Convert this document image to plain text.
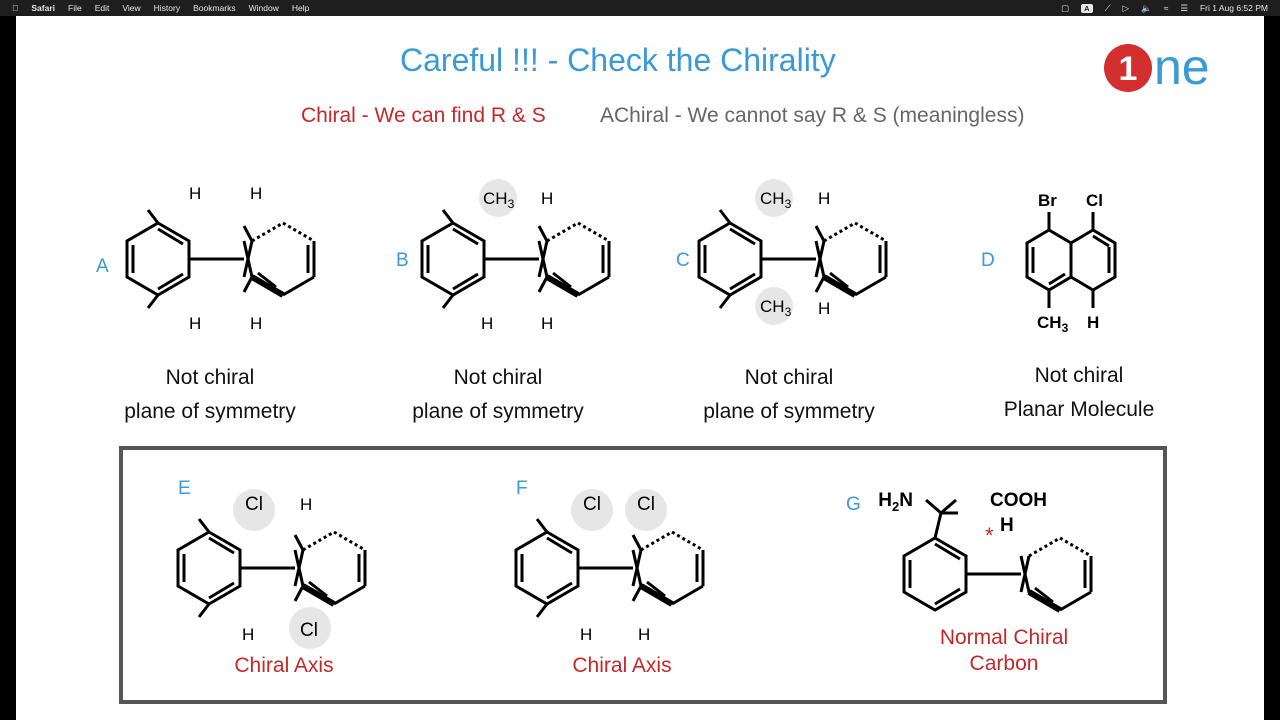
Safari File Edit View History Bookmarks Window Help	▢	A	⟋ ▷ 🔈 ≈ ☰ Fri 1 Aug 6:52 PM
Careful !!! - Check the Chirality
Chiral - We can find R & S	AChiral - We cannot say R & S (meaningless)
1 ne
A
H
H
H
H
B
$CH_3$
H
H
H
C
$CH_3$
$CH_3$
H
H
D
Br Cl
$CH_3$ H
E
Cl H
H Cl
F
Cl Cl
H	H
G $H_2N$	COOH
H
*
Not chiral
plane of symmetry
Not chiral
plane of symmetry
Not chiral
plane of symmetry
Not chiral
Planar Molecule
Chiral Axis	Chiral Axis
Normal Chiral
Carbon
